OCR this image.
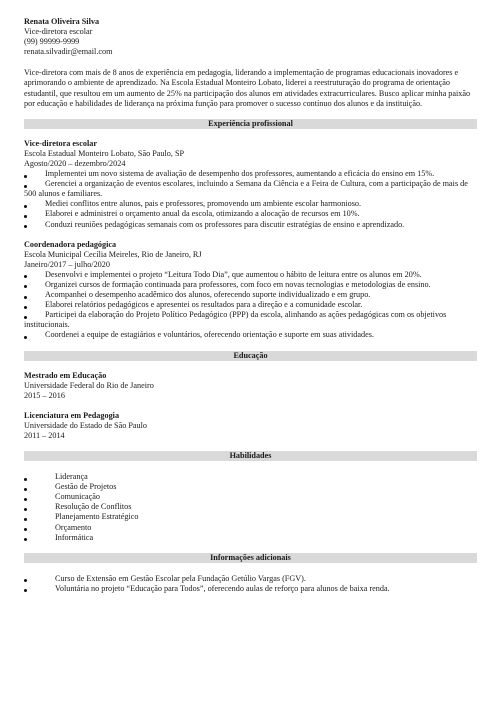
Renata Oliveira Silva
Vice-diretora escolar
(99) 99999-9999
renata.silvadir@email.com
Vice-diretora com mais de 8 anos de experiência em pedagogia, liderando a implementação de programas educacionais inovadores e aprimorando o ambiente de aprendizado. Na Escola Estadual Monteiro Lobato, liderei a reestruturação do programa de orientação estudantil, que resultou em um aumento de 25% na participação dos alunos em atividades extracurriculares. Busco aplicar minha paixão por educação e habilidades de liderança na próxima função para promover o sucesso contínuo dos alunos e da instituição.
Experiência profissional
Vice-diretora escolar
Escola Estadual Monteiro Lobato, São Paulo, SP
Agosto/2020 – dezembro/2024
Implementei um novo sistema de avaliação de desempenho dos professores, aumentando a eficácia do ensino em 15%.
Gerenciei a organização de eventos escolares, incluindo a Semana da Ciência e a Feira de Cultura, com a participação de mais de 500 alunos e familiares.
Mediei conflitos entre alunos, pais e professores, promovendo um ambiente escolar harmonioso.
Elaborei e administrei o orçamento anual da escola, otimizando a alocação de recursos em 10%.
Conduzi reuniões pedagógicas semanais com os professores para discutir estratégias de ensino e aprendizado.
Coordenadora pedagógica
Escola Municipal Cecília Meireles, Rio de Janeiro, RJ
Janeiro/2017 – julho/2020
Desenvolvi e implementei o projeto “Leitura Todo Dia”, que aumentou o hábito de leitura entre os alunos em 20%.
Organizei cursos de formação continuada para professores, com foco em novas tecnologias e metodologias de ensino.
Acompanhei o desempenho acadêmico dos alunos, oferecendo suporte individualizado e em grupo.
Elaborei relatórios pedagógicos e apresentei os resultados para a direção e a comunidade escolar.
Participei da elaboração do Projeto Político Pedagógico (PPP) da escola, alinhando as ações pedagógicas com os objetivos institucionais.
Coordenei a equipe de estagiários e voluntários, oferecendo orientação e suporte em suas atividades.
Educação
Mestrado em Educação
Universidade Federal do Rio de Janeiro
2015 – 2016
Licenciatura em Pedagogia
Universidade do Estado de São Paulo
2011 – 2014
Habilidades
Liderança
Gestão de Projetos
Comunicação
Resolução de Conflitos
Planejamento Estratégico
Orçamento
Informática
Informações adicionais
Curso de Extensão em Gestão Escolar pela Fundação Getúlio Vargas (FGV).
Voluntária no projeto “Educação para Todos”, oferecendo aulas de reforço para alunos de baixa renda.
